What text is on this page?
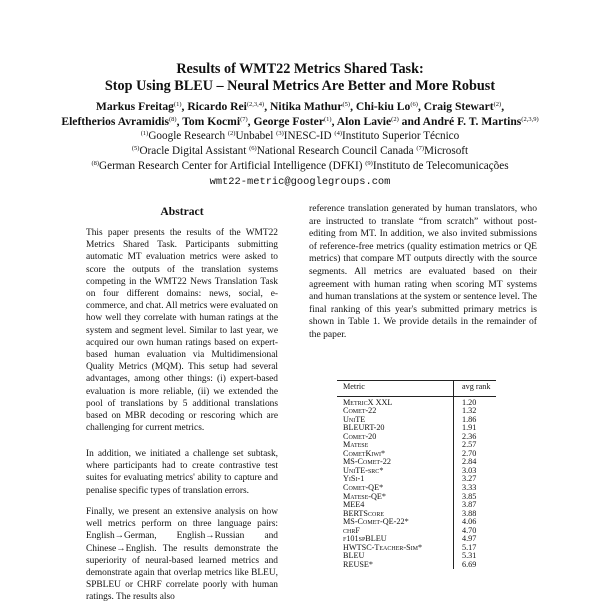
Results of WMT22 Metrics Shared Task:
Stop Using BLEU – Neural Metrics Are Better and More Robust
Markus Freitag$^{(1)}$, Ricardo Rei$^{(2,3,4)}$, Nitika Mathur$^{(5)}$, Chi-kiu Lo$^{(6)}$, Craig Stewart$^{(2)}$,
Eleftherios Avramidis$^{(8)}$, Tom Kocmi$^{(7)}$, George Foster$^{(1)}$, Alon Lavie$^{(2)}$ and André F. T. Martins$^{(2,3,9)}$
$^{(1)}$Google Research $^{(2)}$Unbabel $^{(3)}$INESC-ID $^{(4)}$Instituto Superior Técnico
$^{(5)}$Oracle Digital Assistant $^{(6)}$National Research Council Canada $^{(7)}$Microsoft
$^{(8)}$German Research Center for Artificial Intelligence (DFKI) $^{(9)}$Instituto de Telecomunicações
wmt22-metric@googlegroups.com
Abstract
This paper presents the results of the WMT22 Metrics Shared Task. Participants submitting automatic MT evaluation metrics were asked to score the outputs of the translation systems competing in the WMT22 News Translation Task on four different domains: news, social, e-commerce, and chat. All metrics were evaluated on how well they correlate with human ratings at the system and segment level. Similar to last year, we acquired our own human ratings based on expert-based human evaluation via Multidimensional Quality Metrics (MQM). This setup had several advantages, among other things: (i) expert-based evaluation is more reliable, (ii) we extended the pool of translations by 5 additional translations based on MBR decoding or rescoring which are challenging for current metrics.
In addition, we initiated a challenge set subtask, where participants had to create contrastive test suites for evaluating metrics' ability to capture and penalise specific types of translation errors.
Finally, we present an extensive analysis on how well metrics perform on three language pairs: English→German, English→Russian and Chinese→English. The results demonstrate the superiority of neural-based learned metrics and demonstrate again that overlap metrics like BLEU, SPBLEU or CHRF correlate poorly with human ratings. The results also
reference translation generated by human translators, who are instructed to translate “from scratch” without post-editing from MT. In addition, we also invited submissions of reference-free metrics (quality estimation metrics or QE metrics) that compare MT outputs directly with the source segments. All metrics are evaluated based on their agreement with human rating when scoring MT systems and human translations at the system or sentence level. The final ranking of this year's submitted primary metrics is shown in Table 1. We provide details in the remainder of the paper.
Metric	avg rank
MetricX XXL	1.20
Comet-22	1.32
UniTE	1.86
BLEURT-20	1.91
Comet-20	2.36
Matese	2.57
CometKiwi*	2.70
MS-Comet-22	2.84
UniTE-src*	3.03
YiSi-1	3.27
Comet-QE*	3.33
Matese-QE*	3.85
MEE4	3.87
BERTScore	3.88
MS-Comet-QE-22*	4.06
chrF	4.70
f101spBLEU	4.97
HWTSC-Teacher-Sim*	5.17
BLEU	5.31
REUSE*	6.69
